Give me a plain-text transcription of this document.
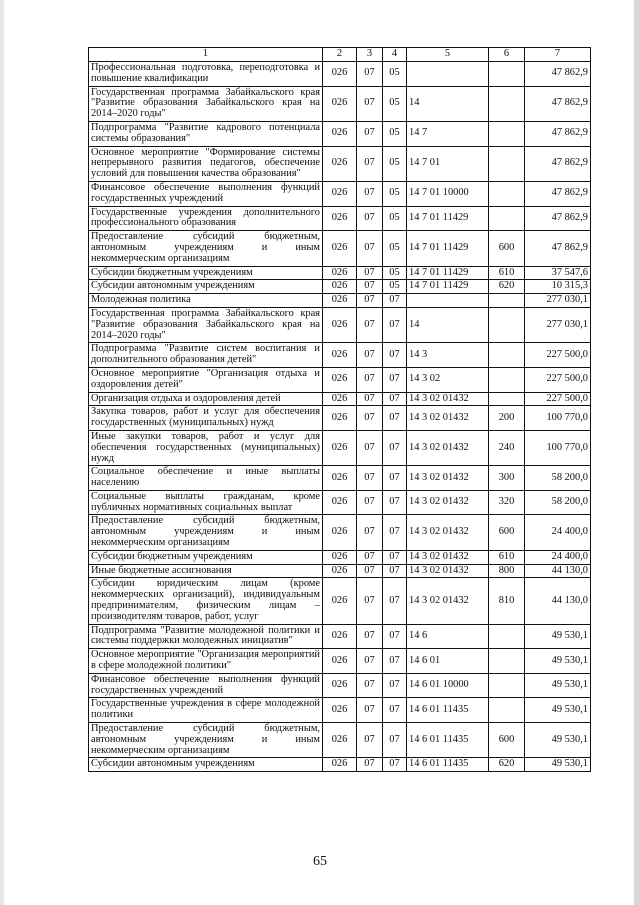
1	2	3	4	5	6	7
Профессиональная подготовка, переподготовка и повышение квалификации	026	07	05			47 862,9
Государственная программа Забайкальского края "Развитие образования Забайкальского края на 2014–2020 годы"	026	07	05	14		47 862,9
Подпрограмма "Развитие кадрового потенциала системы образования"	026	07	05	14 7		47 862,9
Основное мероприятие "Формирование системы непрерывного развития педагогов, обеспечение условий для повышения качества образования"	026	07	05	14 7 01		47 862,9
Финансовое обеспечение выполнения функций государственных учреждений	026	07	05	14 7 01 10000		47 862,9
Государственные учреждения дополнительного профессионального образования	026	07	05	14 7 01 11429		47 862,9
Предоставление субсидий бюджетным, автономным учреждениям и иным некоммерческим организациям	026	07	05	14 7 01 11429	600	47 862,9
Субсидии бюджетным учреждениям	026	07	05	14 7 01 11429	610	37 547,6
Субсидии автономным учреждениям	026	07	05	14 7 01 11429	620	10 315,3
Молодежная политика	026	07	07			277 030,1
Государственная программа Забайкальского края "Развитие образования Забайкальского края на 2014–2020 годы"	026	07	07	14		277 030,1
Подпрограмма "Развитие систем воспитания и дополнительного образования детей"	026	07	07	14 3		227 500,0
Основное мероприятие "Организация отдыха и оздоровления детей"	026	07	07	14 3 02		227 500,0
Организация отдыха и оздоровления детей	026	07	07	14 3 02 01432		227 500,0
Закупка товаров, работ и услуг для обеспечения государственных (муниципальных) нужд	026	07	07	14 3 02 01432	200	100 770,0
Иные закупки товаров, работ и услуг для обеспечения государственных (муниципальных) нужд	026	07	07	14 3 02 01432	240	100 770,0
Социальное обеспечение и иные выплаты населению	026	07	07	14 3 02 01432	300	58 200,0
Социальные выплаты гражданам, кроме публичных нормативных социальных выплат	026	07	07	14 3 02 01432	320	58 200,0
Предоставление субсидий бюджетным, автономным учреждениям и иным некоммерческим организациям	026	07	07	14 3 02 01432	600	24 400,0
Субсидии бюджетным учреждениям	026	07	07	14 3 02 01432	610	24 400,0
Иные бюджетные ассигнования	026	07	07	14 3 02 01432	800	44 130,0
Субсидии юридическим лицам (кроме некоммерческих организаций), индивидуальным предпринимателям, физическим лицам – производителям товаров, работ, услуг	026	07	07	14 3 02 01432	810	44 130,0
Подпрограмма "Развитие молодежной политики и системы поддержки молодежных инициатив"	026	07	07	14 6		49 530,1
Основное мероприятие "Организация мероприятий в сфере молодежной политики"	026	07	07	14 6 01		49 530,1
Финансовое обеспечение выполнения функций государственных учреждений	026	07	07	14 6 01 10000		49 530,1
Государственные учреждения в сфере молодежной политики	026	07	07	14 6 01 11435		49 530,1
Предоставление субсидий бюджетным, автономным учреждениям и иным некоммерческим организациям	026	07	07	14 6 01 11435	600	49 530,1
Субсидии автономным учреждениям	026	07	07	14 6 01 11435	620	49 530,1
65
